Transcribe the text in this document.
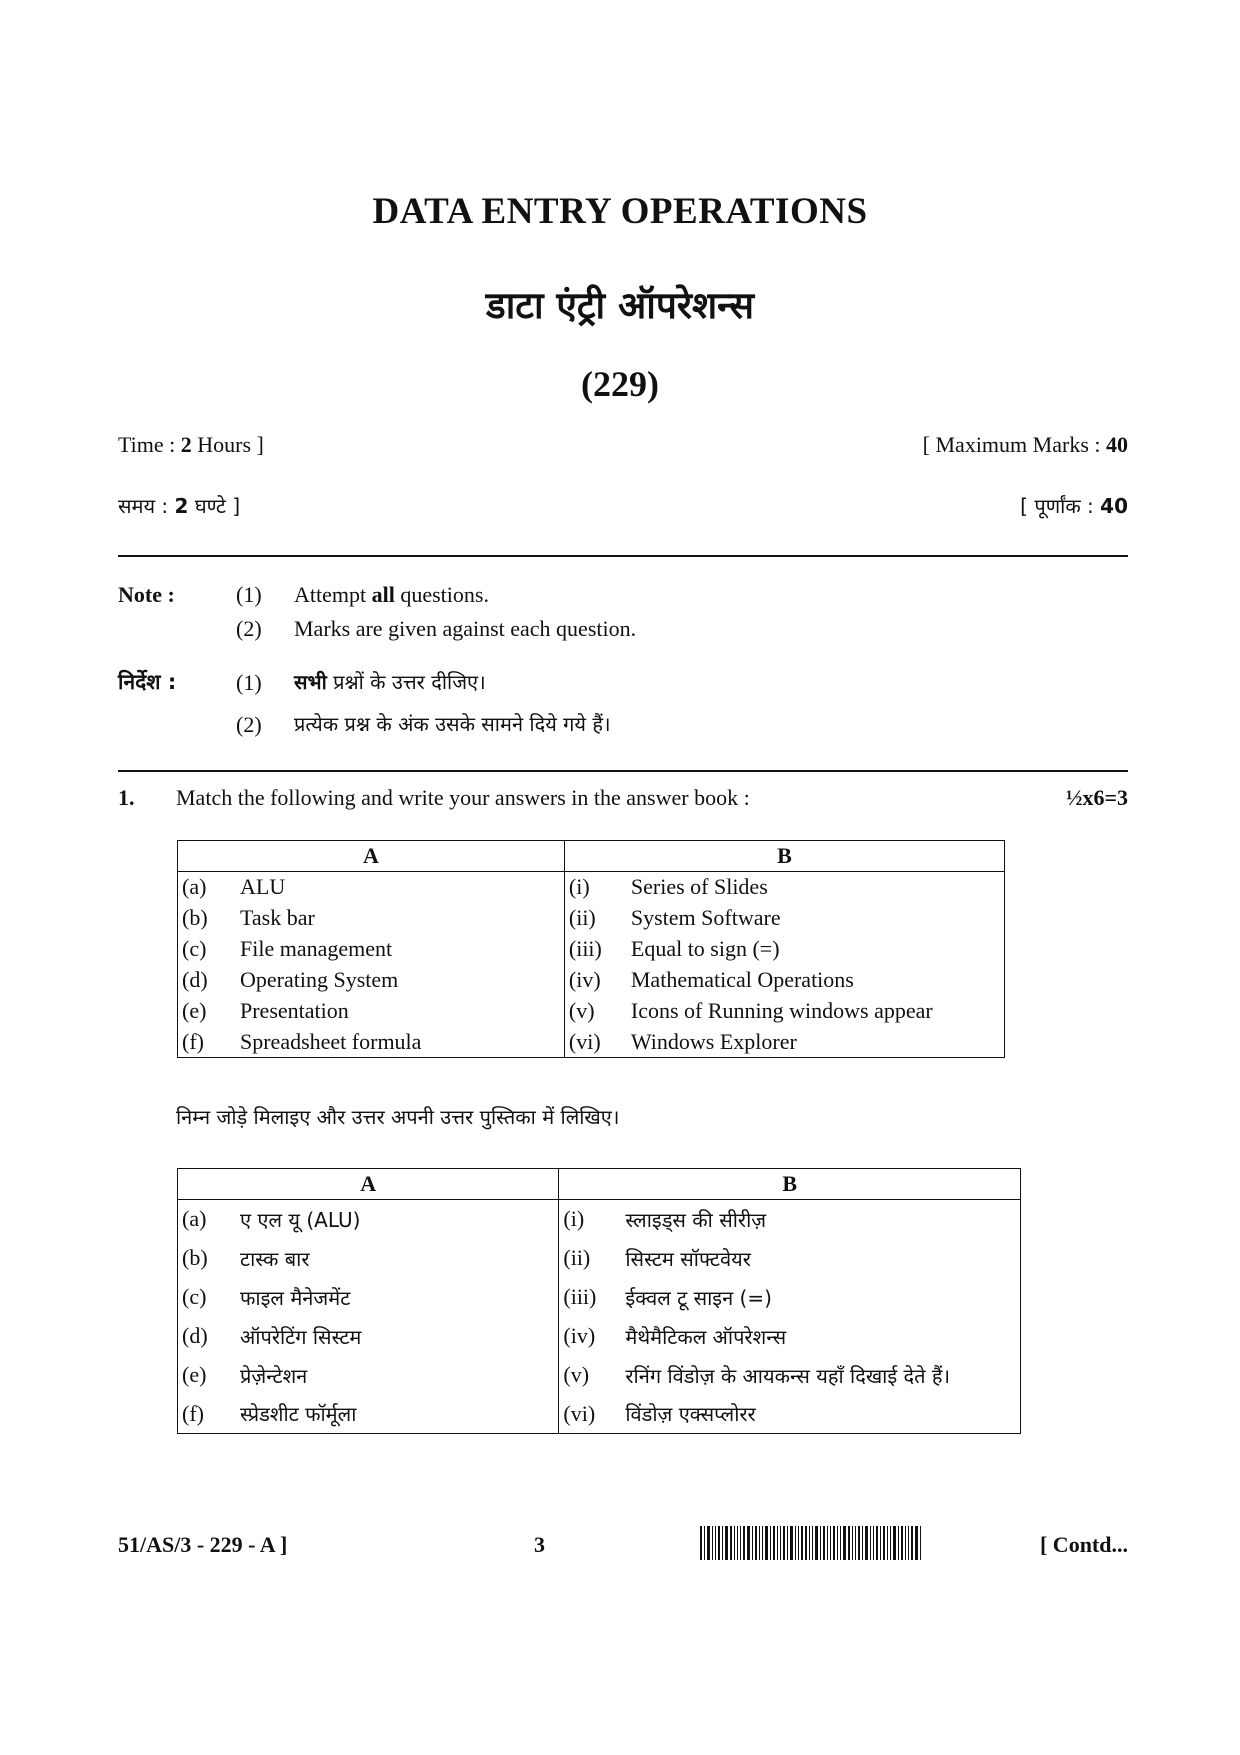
DATA ENTRY OPERATIONS
डाटा एंट्री ऑपरेशन्स
(229)
Time : 2 Hours ]	[ Maximum Marks : 40
समय : 2 घण्टे ]	[ पूर्णांक : 40
Note :	(1) Attempt all questions.
(2) Marks are given against each question.
निर्देश :	(1) सभी प्रश्नों के उत्तर दीजिए।
(2) प्रत्येक प्रश्न के अंक उसके सामने दिये गये हैं।
1. Match the following and write your answers in the answer book :	½x6=3
A		B	
(a)	ALU	(i)	Series of Slides
(b)	Task bar	(ii)	System Software
(c)	File management	(iii)	Equal to sign (=)
(d)	Operating System	(iv)	Mathematical Operations
(e)	Presentation	(v)	Icons of Running windows appear
(f)	Spreadsheet formula	(vi)	Windows Explorer
निम्न जोड़े मिलाइए और उत्तर अपनी उत्तर पुस्तिका में लिखिए।
A		B	
(a)	ए एल यू (ALU)	(i)	स्लाइड्स की सीरीज़
(b)	टास्क बार	(ii)	सिस्टम सॉफ्टवेयर
(c)	फाइल मैनेजमेंट	(iii)	ईक्वल टू साइन (=)
(d)	ऑपरेटिंग सिस्टम	(iv)	मैथेमैटिकल ऑपरेशन्स
(e)	प्रेज़ेन्टेशन	(v)	रनिंग विंडोज़ के आयकन्स यहाँ दिखाई देते हैं।
(f)	स्प्रेडशीट फॉर्मूला	(vi)	विंडोज़ एक्सप्लोरर
51/AS/3 - 229 - A ]	3	[ Contd...
